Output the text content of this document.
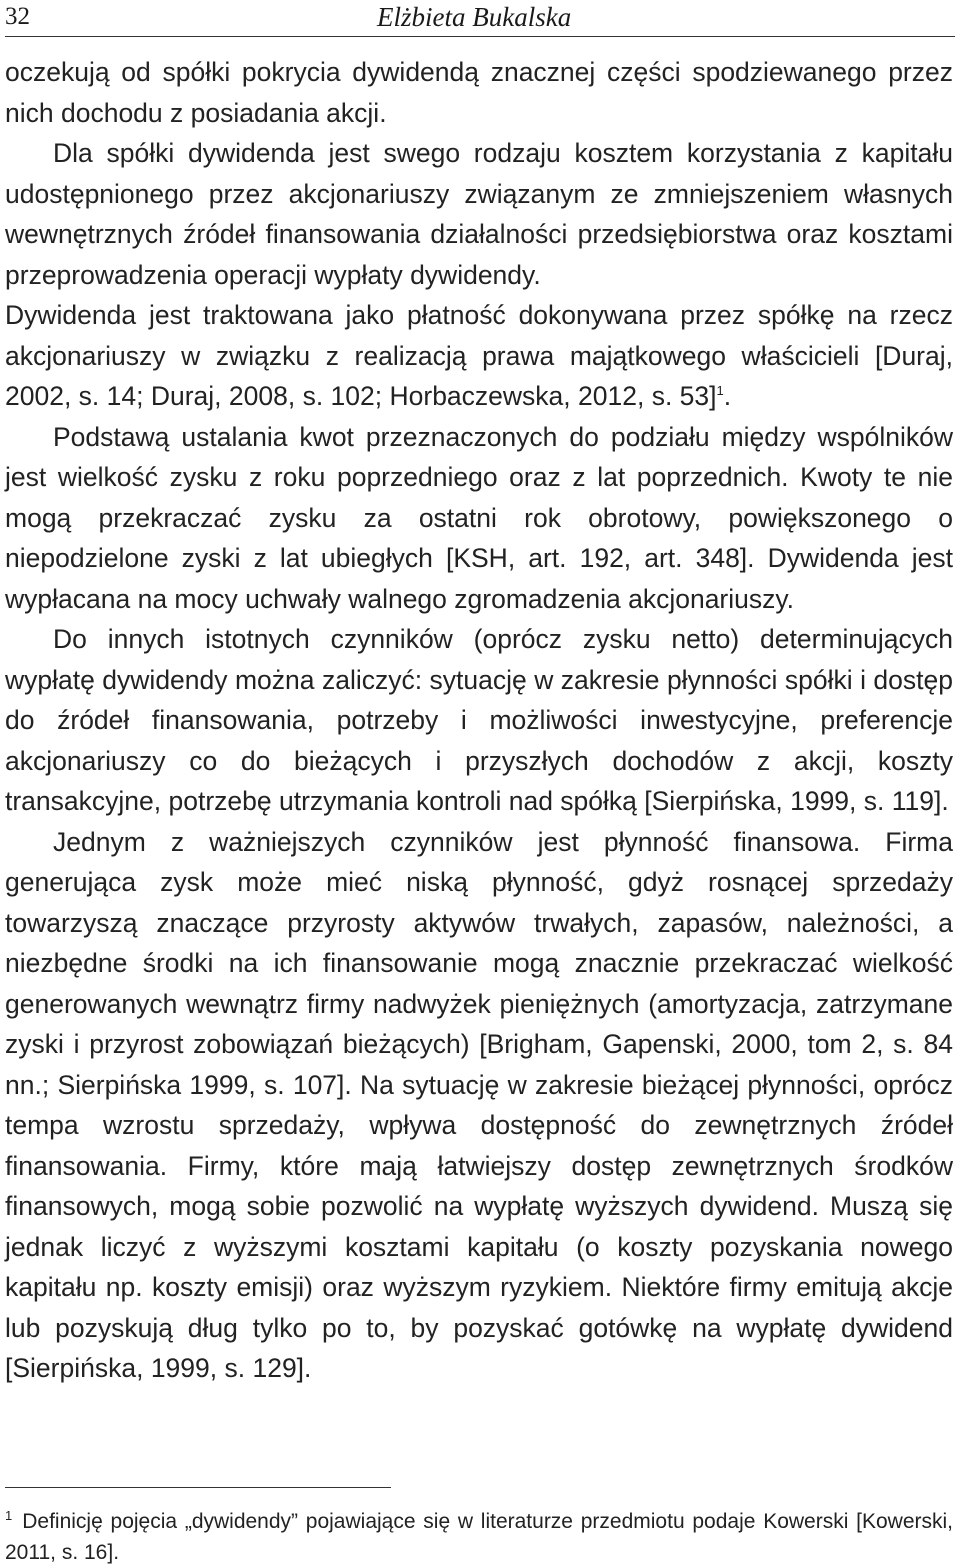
32	Elżbieta Bukalska

oczekują od spółki pokrycia dywidendą znacznej części spodziewanego przez nich dochodu z posiadania akcji.

Dla spółki dywidenda jest swego rodzaju kosztem korzystania z kapitału udostępnionego przez akcjonariuszy związanym ze zmniejszeniem własnych wewnętrznych źródeł finansowania działalności przedsiębiorstwa oraz kosztami przeprowadzenia operacji wypłaty dywidendy.

Dywidenda jest traktowana jako płatność dokonywana przez spółkę na rzecz akcjonariuszy w związku z realizacją prawa majątkowego właścicieli [Duraj, 2002, s. 14; Duraj, 2008, s. 102; Horbaczewska, 2012, s. 53]$^1$.

Podstawą ustalania kwot przeznaczonych do podziału między wspólników jest wielkość zysku z roku poprzedniego oraz z lat poprzednich. Kwoty te nie mogą przekraczać zysku za ostatni rok obrotowy, powiększonego o niepodzielone zyski z lat ubiegłych [KSH, art. 192, art. 348]. Dywidenda jest wypłacana na mocy uchwały walnego zgromadzenia akcjonariuszy.

Do innych istotnych czynników (oprócz zysku netto) determinujących wypłatę dywidendy można zaliczyć: sytuację w zakresie płynności spółki i dostęp do źródeł finansowania, potrzeby i możliwości inwestycyjne, preferencje akcjonariuszy co do bieżących i przyszłych dochodów z akcji, koszty transakcyjne, potrzebę utrzymania kontroli nad spółką [Sierpińska, 1999, s. 119].

Jednym z ważniejszych czynników jest płynność finansowa. Firma generująca zysk może mieć niską płynność, gdyż rosnącej sprzedaży towarzyszą znaczące przyrosty aktywów trwałych, zapasów, należności, a niezbędne środki na ich finansowanie mogą znacznie przekraczać wielkość generowanych wewnątrz firmy nadwyżek pieniężnych (amortyzacja, zatrzymane zyski i przyrost zobowiązań bieżących) [Brigham, Gapenski, 2000, tom 2, s. 84 nn.; Sierpińska 1999, s. 107]. Na sytuację w zakresie bieżącej płynności, oprócz tempa wzrostu sprzedaży, wpływa dostępność do zewnętrznych źródeł finansowania. Firmy, które mają łatwiejszy dostęp zewnętrznych środków finansowych, mogą sobie pozwolić na wypłatę wyższych dywidend. Muszą się jednak liczyć z wyższymi kosztami kapitału (o koszty pozyskania nowego kapitału np. koszty emisji) oraz wyższym ryzykiem. Niektóre firmy emitują akcje lub pozyskują dług tylko po to, by pozyskać gotówkę na wypłatę dywidend [Sierpińska, 1999, s. 129].

$^1$ Definicję pojęcia „dywidendy” pojawiające się w literaturze przedmiotu podaje Kowerski [Kowerski, 2011, s. 16].
